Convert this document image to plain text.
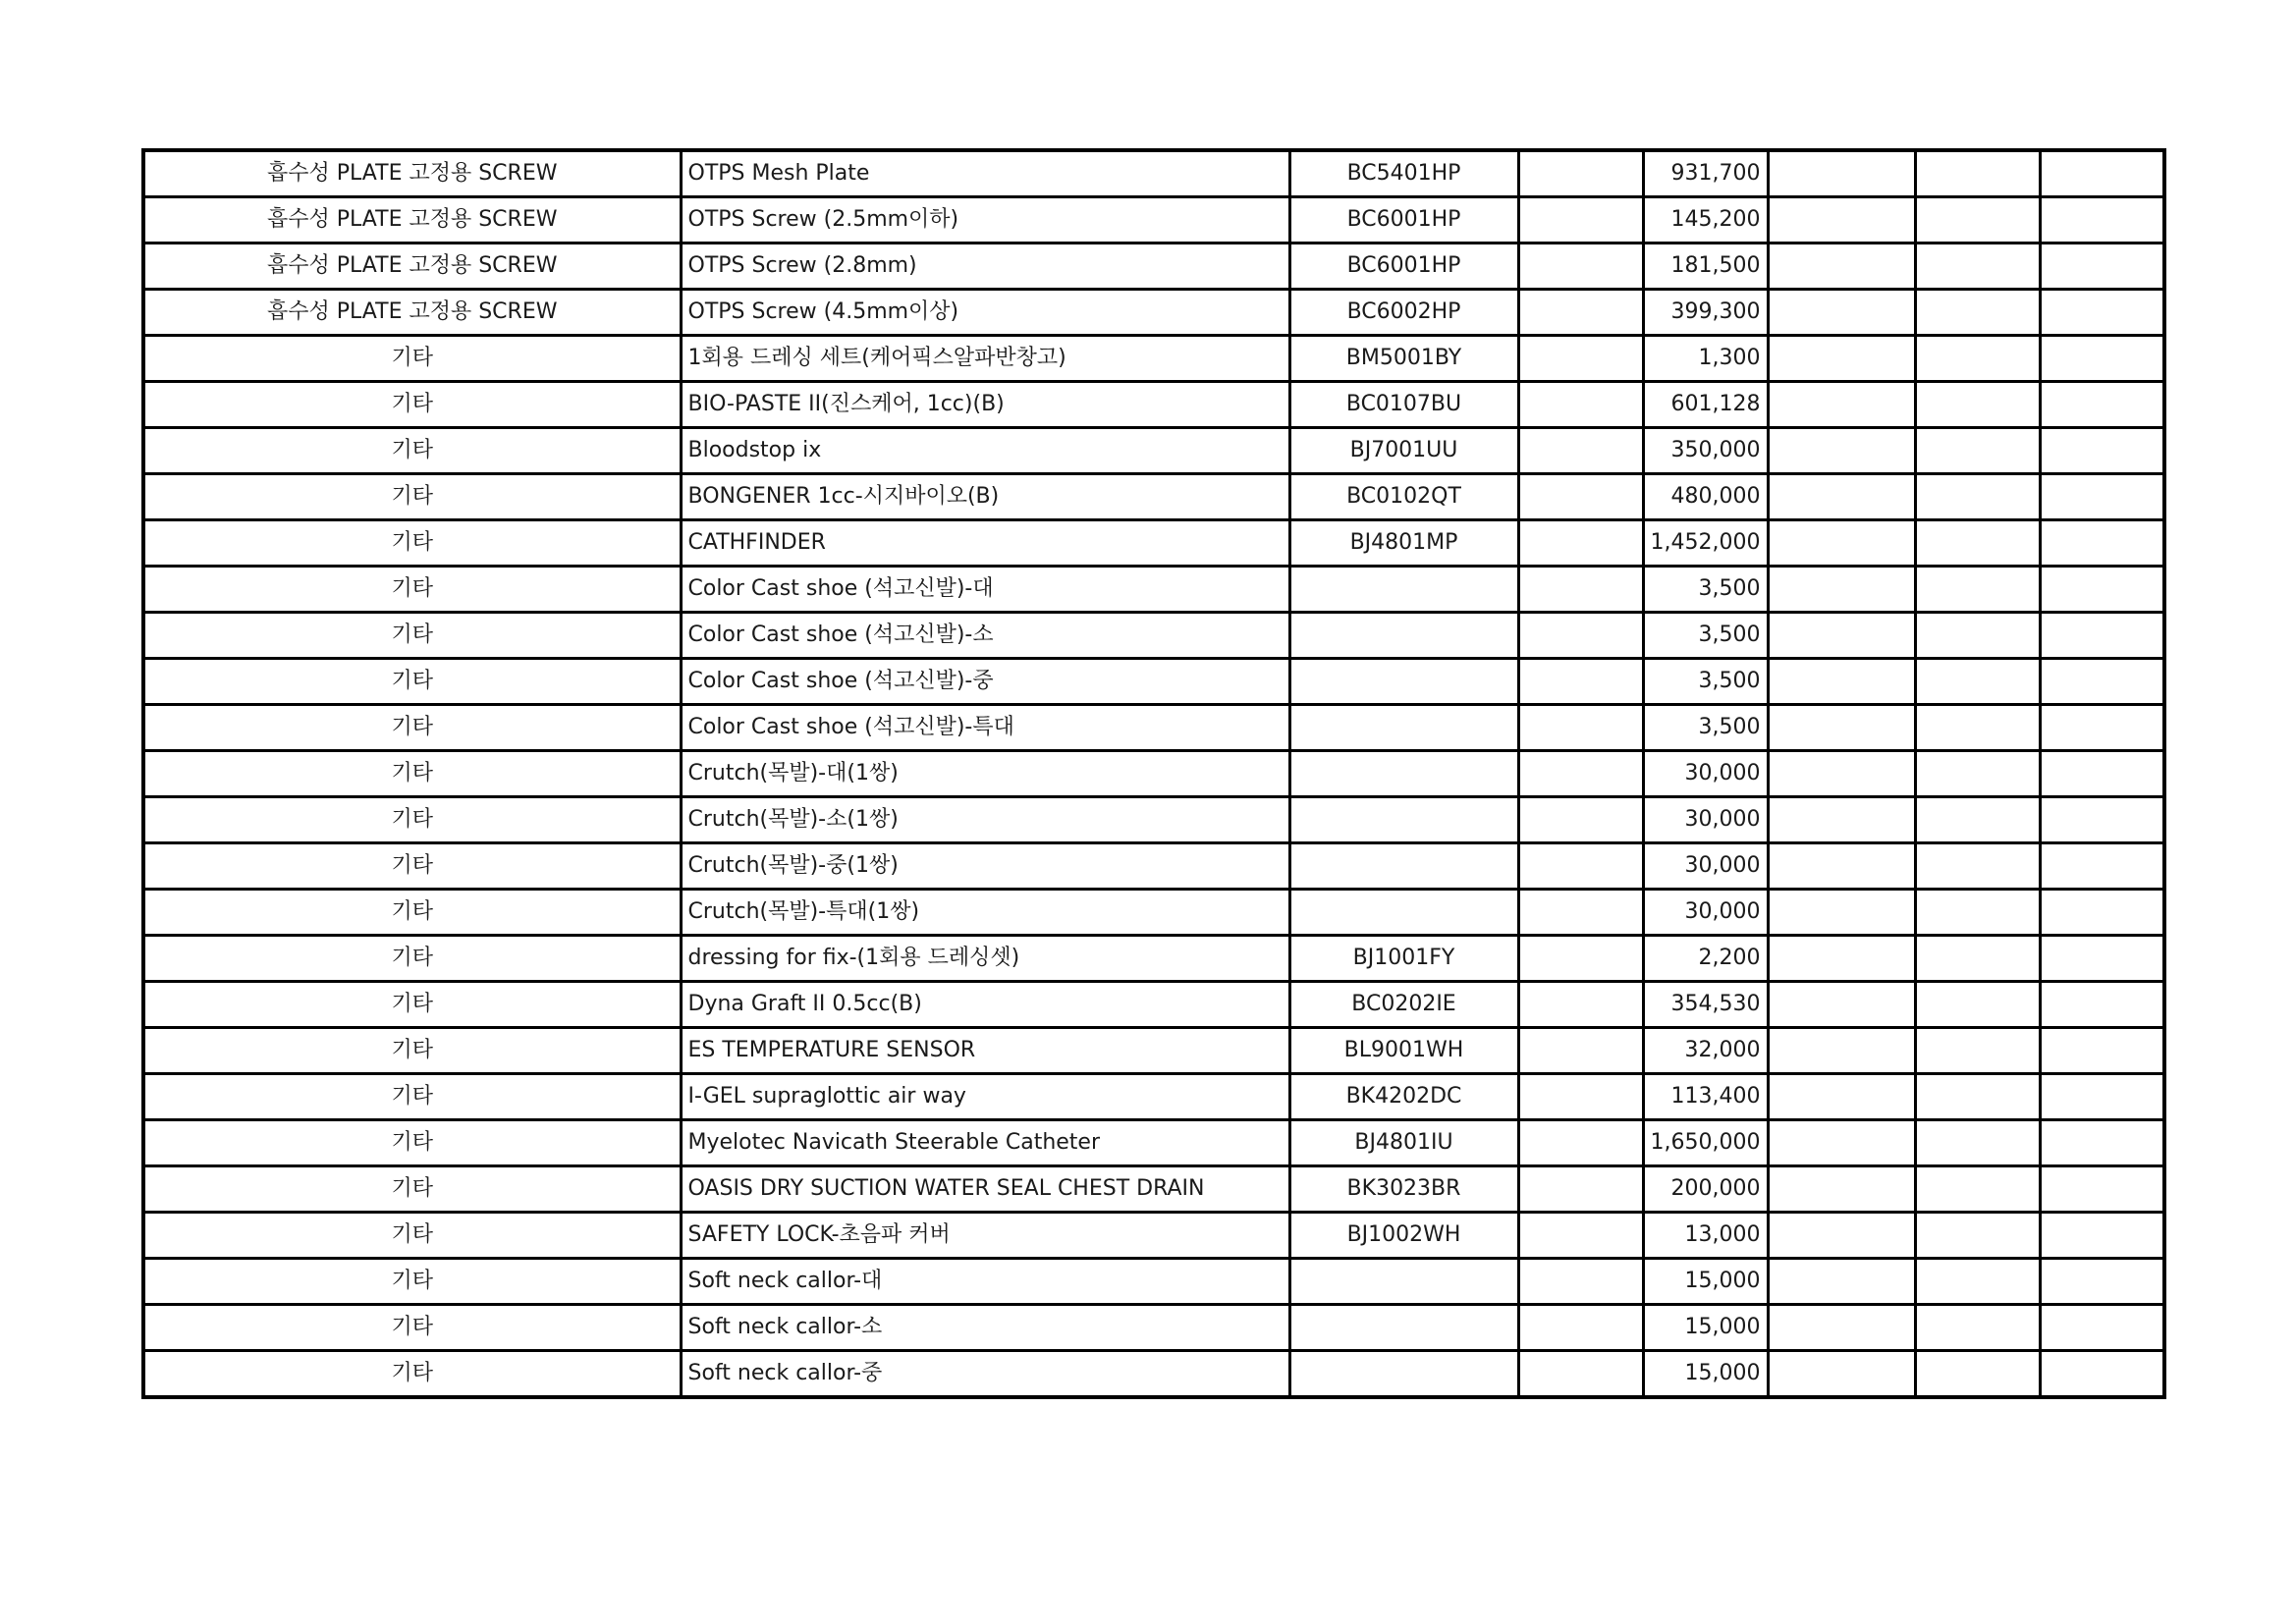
흡수성 PLATE 고정용 SCREW	OTPS Mesh Plate	BC5401HP		931,700			
흡수성 PLATE 고정용 SCREW	OTPS Screw (2.5mm이하)	BC6001HP		145,200			
흡수성 PLATE 고정용 SCREW	OTPS Screw (2.8mm)	BC6001HP		181,500			
흡수성 PLATE 고정용 SCREW	OTPS Screw (4.5mm이상)	BC6002HP		399,300			
기타	1회용 드레싱 세트(케어픽스알파반창고)	BM5001BY		1,300			
기타	BIO-PASTE II(진스케어, 1cc)(B)	BC0107BU		601,128			
기타	Bloodstop ix	BJ7001UU		350,000			
기타	BONGENER 1cc-시지바이오(B)	BC0102QT		480,000			
기타	CATHFINDER	BJ4801MP		1,452,000			
기타	Color Cast shoe (석고신발)-대			3,500			
기타	Color Cast shoe (석고신발)-소			3,500			
기타	Color Cast shoe (석고신발)-중			3,500			
기타	Color Cast shoe (석고신발)-특대			3,500			
기타	Crutch(목발)-대(1쌍)			30,000			
기타	Crutch(목발)-소(1쌍)			30,000			
기타	Crutch(목발)-중(1쌍)			30,000			
기타	Crutch(목발)-특대(1쌍)			30,000			
기타	dressing for fix-(1회용 드레싱셋)	BJ1001FY		2,200			
기타	Dyna Graft II 0.5cc(B)	BC0202IE		354,530			
기타	ES TEMPERATURE SENSOR	BL9001WH		32,000			
기타	I-GEL supraglottic air way	BK4202DC		113,400			
기타	Myelotec Navicath Steerable Catheter	BJ4801IU		1,650,000			
기타	OASIS DRY SUCTION WATER SEAL CHEST DRAIN	BK3023BR		200,000			
기타	SAFETY LOCK-초음파 커버	BJ1002WH		13,000			
기타	Soft neck callor-대			15,000			
기타	Soft neck callor-소			15,000			
기타	Soft neck callor-중			15,000			
